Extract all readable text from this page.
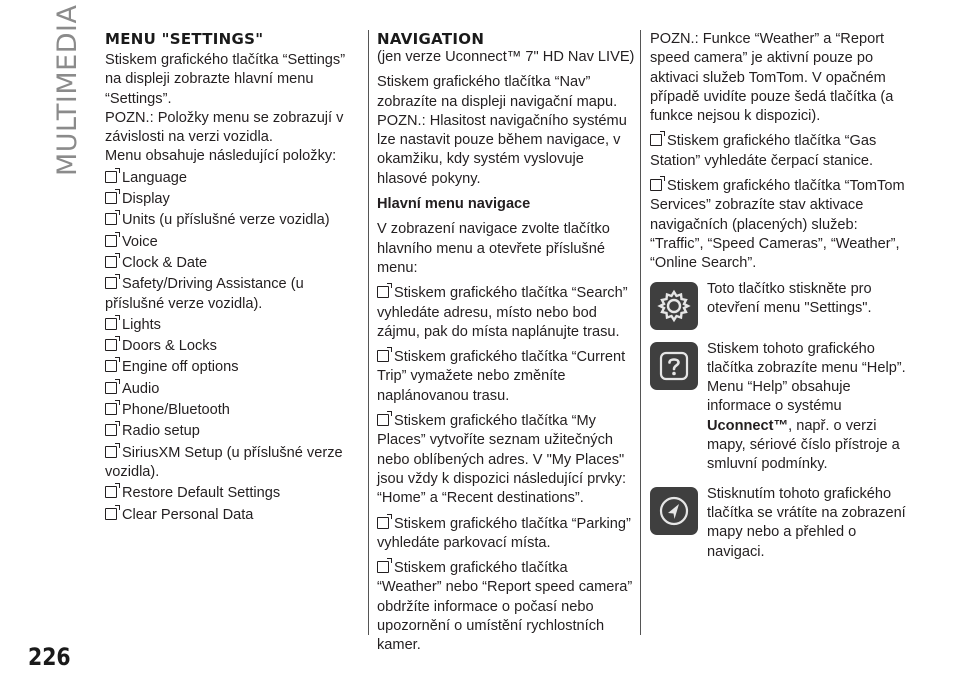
MULTIMEDIA
226
MENU "SETTINGS"

Stiskem grafického tlačítka “Settings” na displeji zobrazte hlavní menu “Settings”.

POZN.: Položky menu se zobrazují v závislosti na verzi vozidla.

Menu obsahuje následující položky:

Language
Display
Units (u příslušné verze vozidla)
Voice
Clock & Date
Safety/Driving Assistance (u příslušné verze vozidla).
Lights
Doors & Locks
Engine off options
Audio
Phone/Bluetooth
Radio setup
SiriusXM Setup (u příslušné verze vozidla).
Restore Default Settings
Clear Personal Data
NAVIGATION

(jen verze Uconnect™ 7" HD Nav LIVE)

Stiskem grafického tlačítka “Nav” zobrazíte na displeji navigační mapu.

POZN.: Hlasitost navigačního systému lze nastavit pouze během navigace, v okamžiku, kdy systém vyslovuje hlasové pokyny.

Hlavní menu navigace

V zobrazení navigace zvolte tlačítko hlavního menu a otevřete příslušné menu:

Stiskem grafického tlačítka “Search” vyhledáte adresu, místo nebo bod zájmu, pak do místa naplánujte trasu.

Stiskem grafického tlačítka “Current Trip” vymažete nebo změníte naplánovanou trasu.

Stiskem grafického tlačítka “My Places” vytvoříte seznam užitečných nebo oblíbených adres. V "My Places" jsou vždy k dispozici následující prvky: “Home” a “Recent destinations”.

Stiskem grafického tlačítka “Parking” vyhledáte parkovací místa.

Stiskem grafického tlačítka “Weather” nebo “Report speed camera” obdržíte informace o počasí nebo upozornění o umístění rychlostních kamer.

POZN.: Funkce “Weather” a “Report speed camera” je aktivní pouze po aktivaci služeb TomTom. V opačném případě uvidíte pouze šedá tlačítka (a funkce nejsou k dispozici).

Stiskem grafického tlačítka “Gas Station” vyhledáte čerpací stanice.

Stiskem grafického tlačítka “TomTom Services” zobrazíte stav aktivace navigačních (placených) služeb: “Traffic”, “Speed Cameras”, “Weather”, “Online Search”.

Toto tlačítko stiskněte pro otevření menu "Settings".
Stiskem tohoto grafického tlačítka zobrazíte menu “Help”. Menu “Help” obsahuje informace o systému Uconnect™, např. o verzi mapy, sériové číslo přístroje a smluvní podmínky.
Stisknutím tohoto grafického tlačítka se vrátíte na zobrazení mapy nebo a přehled o navigaci.
